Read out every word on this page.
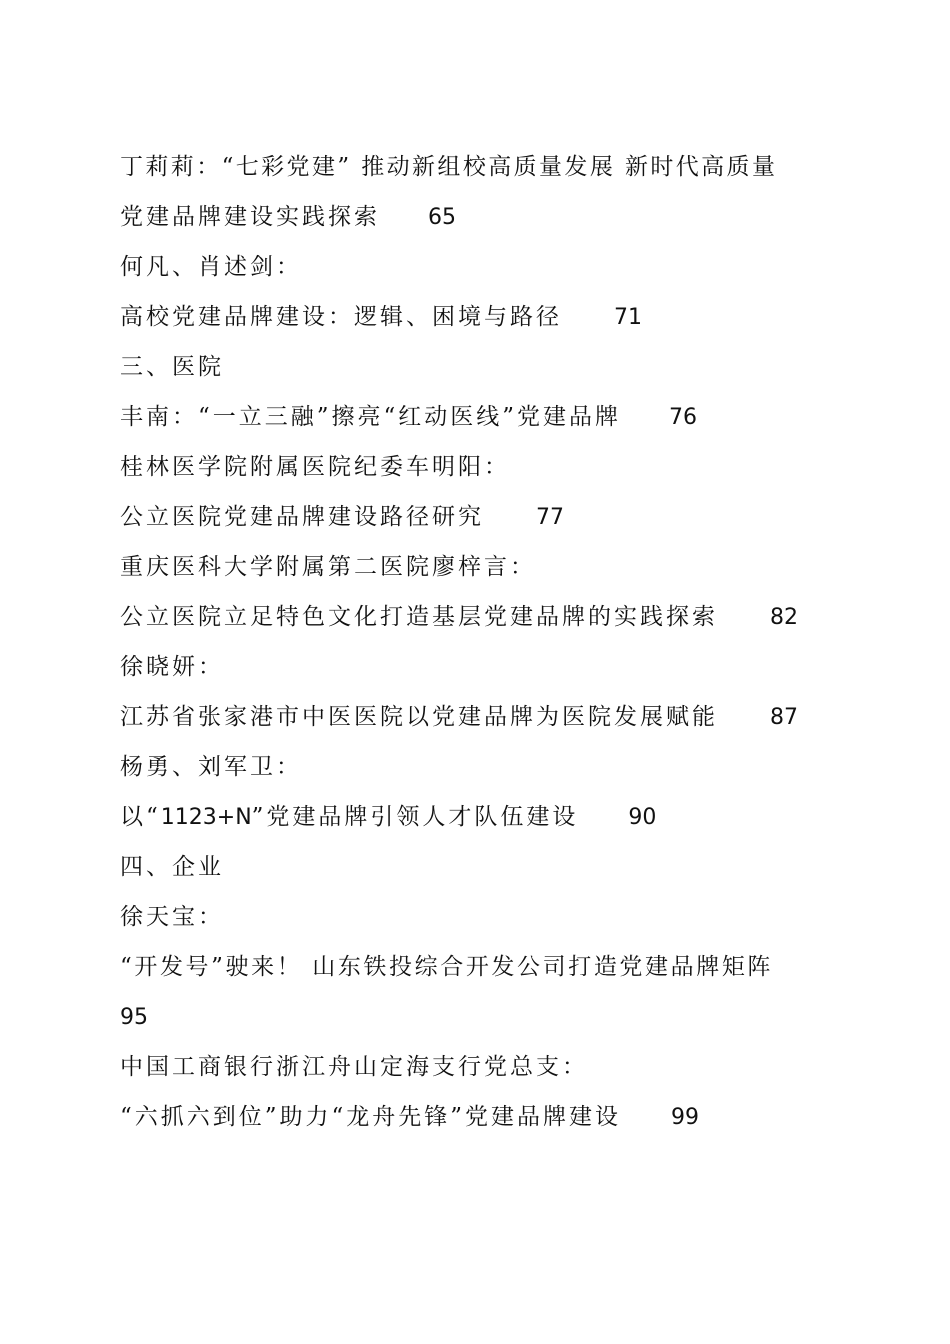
丁莉莉：“七彩党建” 推动新组校高质量发展 新时代高质量
党建品牌建设实践探索 65
何凡、肖述剑：
高校党建品牌建设：逻辑、困境与路径 71
三、医院
丰南：“一立三融”擦亮“红动医线”党建品牌 76
桂林医学院附属医院纪委车明阳：
公立医院党建品牌建设路径研究 77
重庆医科大学附属第二医院廖梓言：
公立医院立足特色文化打造基层党建品牌的实践探索 82
徐晓妍：
江苏省张家港市中医医院以党建品牌为医院发展赋能 87
杨勇、刘军卫：
以“1123+N”党建品牌引领人才队伍建设 90
四、企业
徐天宝：
“开发号”驶来！ 山东铁投综合开发公司打造党建品牌矩阵
95
中国工商银行浙江舟山定海支行党总支：
“六抓六到位”助力“龙舟先锋”党建品牌建设 99
